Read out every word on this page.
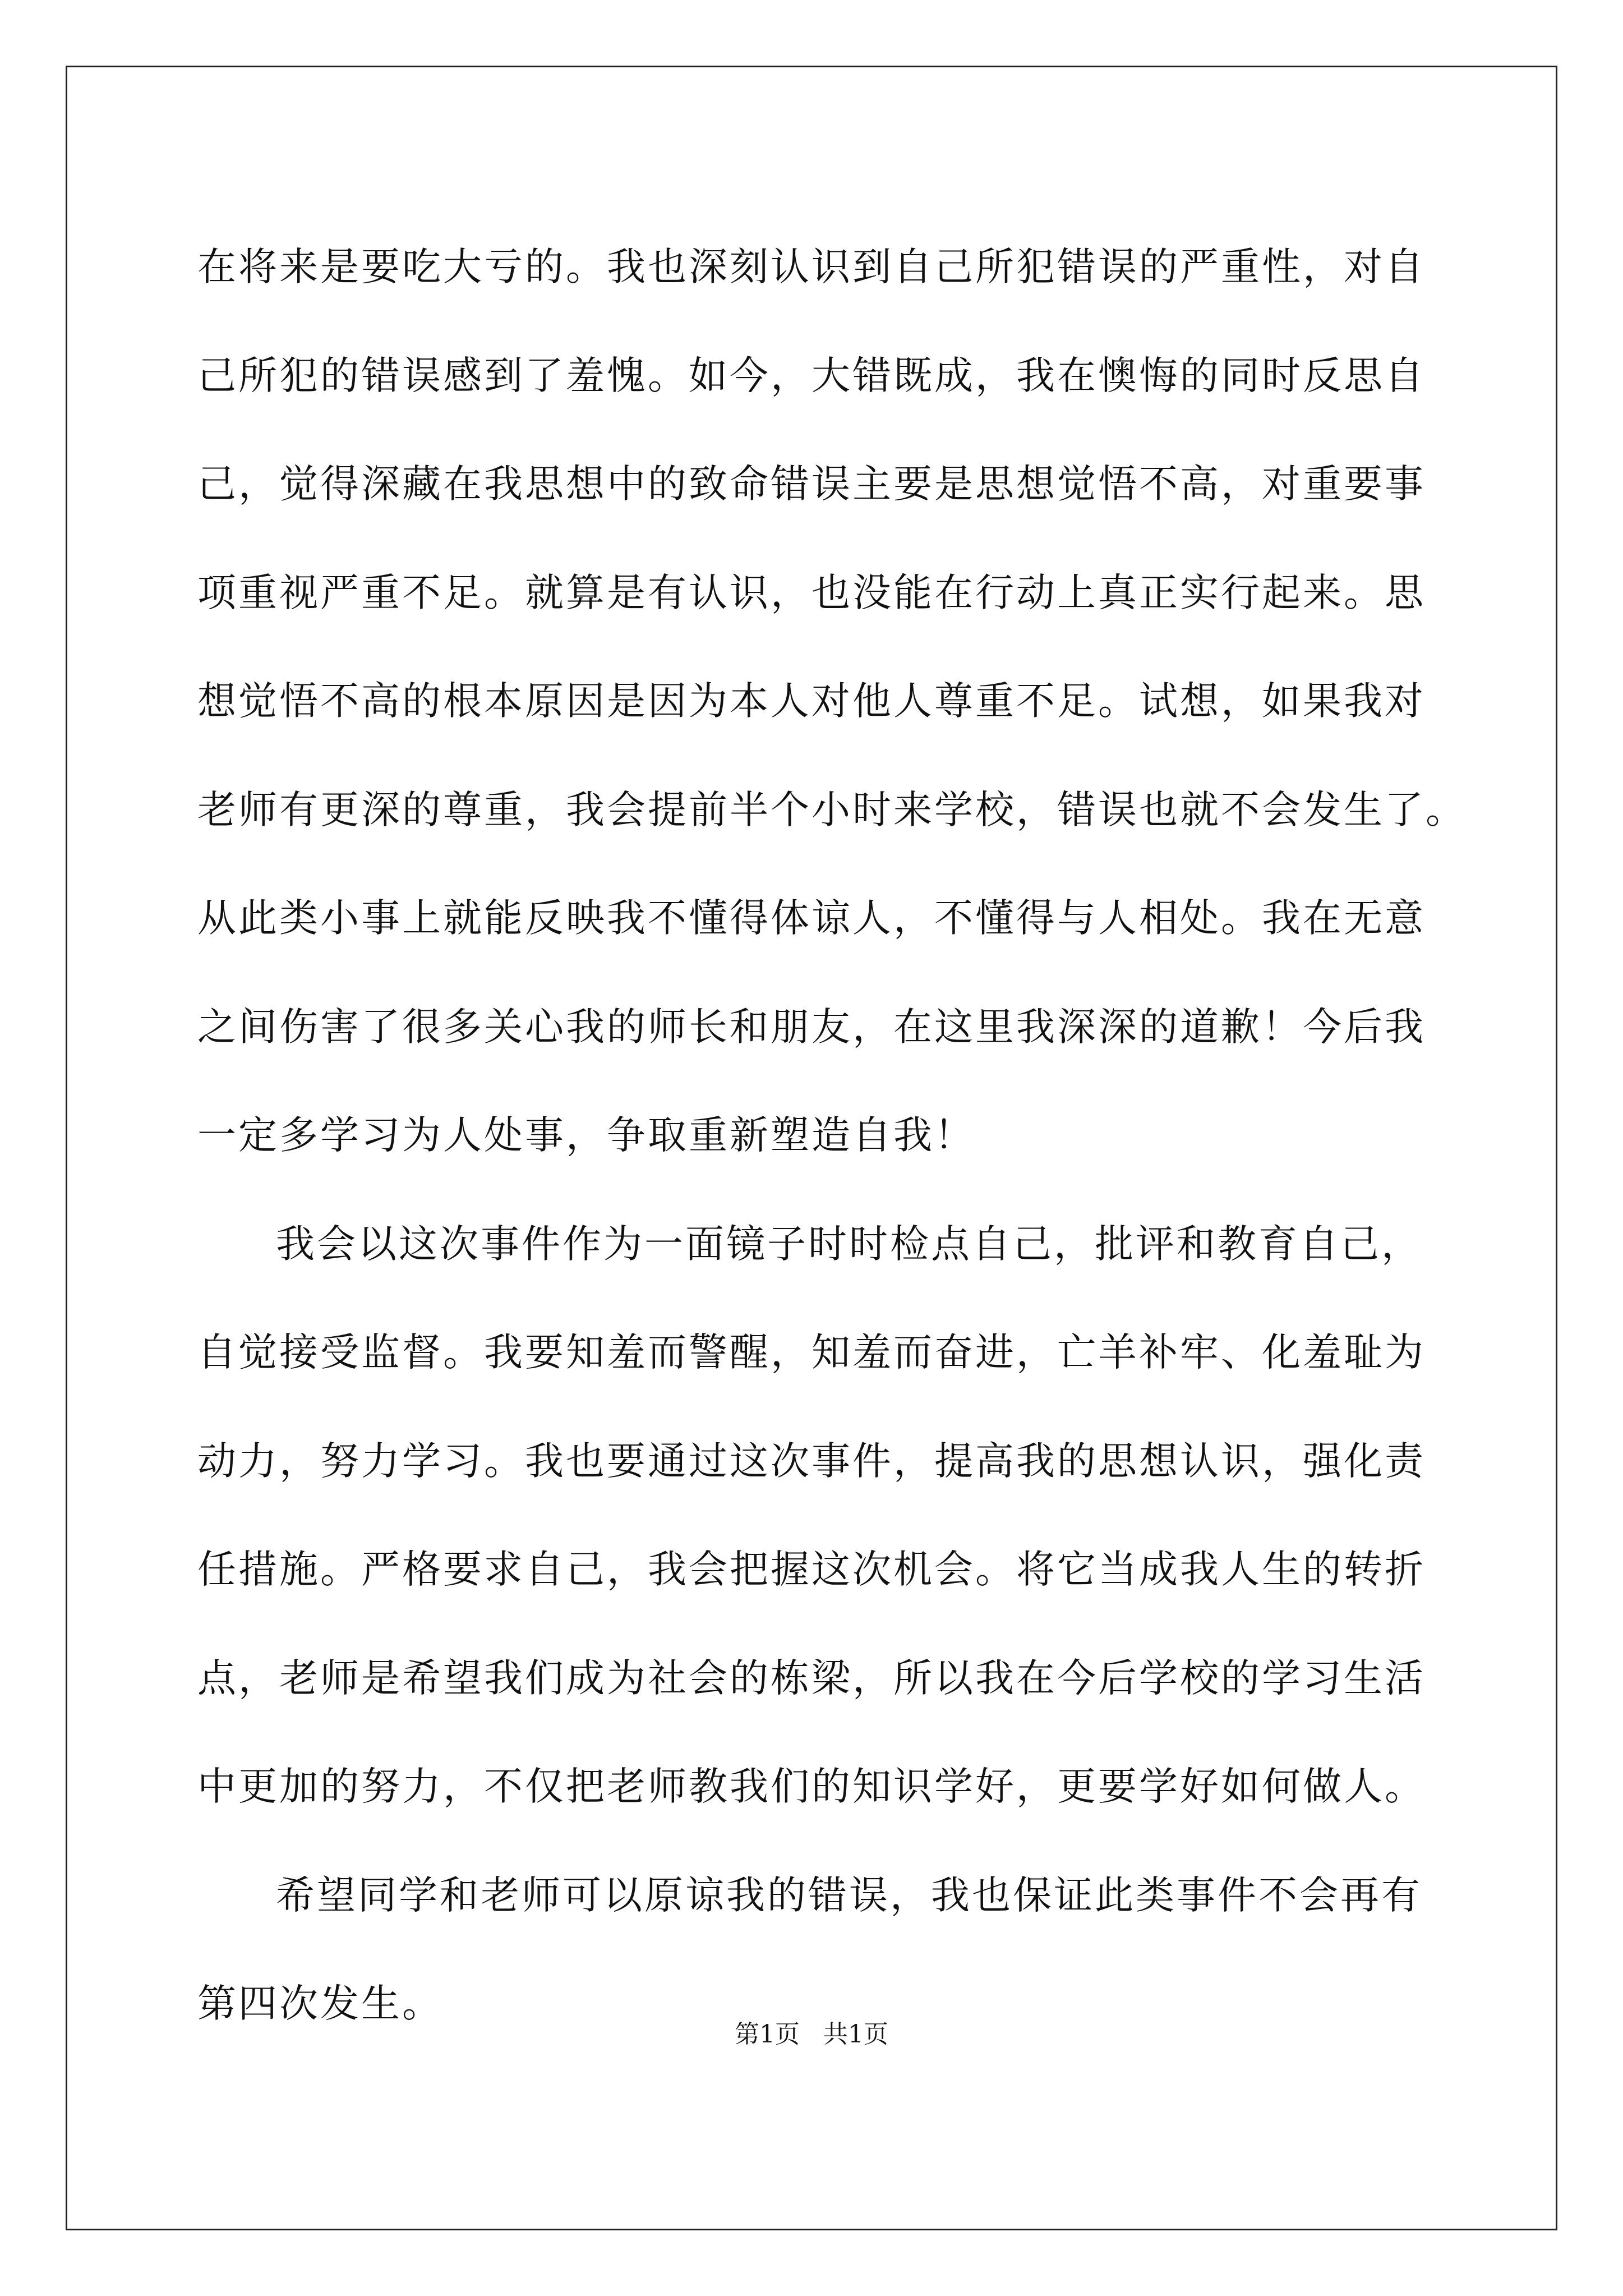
在将来是要吃大亏的。我也深刻认识到自己所犯错误的严重性，对自
己所犯的错误感到了羞愧。如今，大错既成，我在懊悔的同时反思自
己，觉得深藏在我思想中的致命错误主要是思想觉悟不高，对重要事
项重视严重不足。就算是有认识，也没能在行动上真正实行起来。思
想觉悟不高的根本原因是因为本人对他人尊重不足。试想，如果我对
老师有更深的尊重，我会提前半个小时来学校，错误也就不会发生了。
从此类小事上就能反映我不懂得体谅人，不懂得与人相处。我在无意
之间伤害了很多关心我的师长和朋友，在这里我深深的道歉！今后我
一定多学习为人处事，争取重新塑造自我！
我会以这次事件作为一面镜子时时检点自己，批评和教育自己，
自觉接受监督。我要知羞而警醒，知羞而奋进，亡羊补牢、化羞耻为
动力，努力学习。我也要通过这次事件，提高我的思想认识，强化责
任措施。严格要求自己，我会把握这次机会。将它当成我人生的转折
点，老师是希望我们成为社会的栋梁，所以我在今后学校的学习生活
中更加的努力，不仅把老师教我们的知识学好，更要学好如何做人。
希望同学和老师可以原谅我的错误，我也保证此类事件不会再有
第四次发生。
第1页   共1页
